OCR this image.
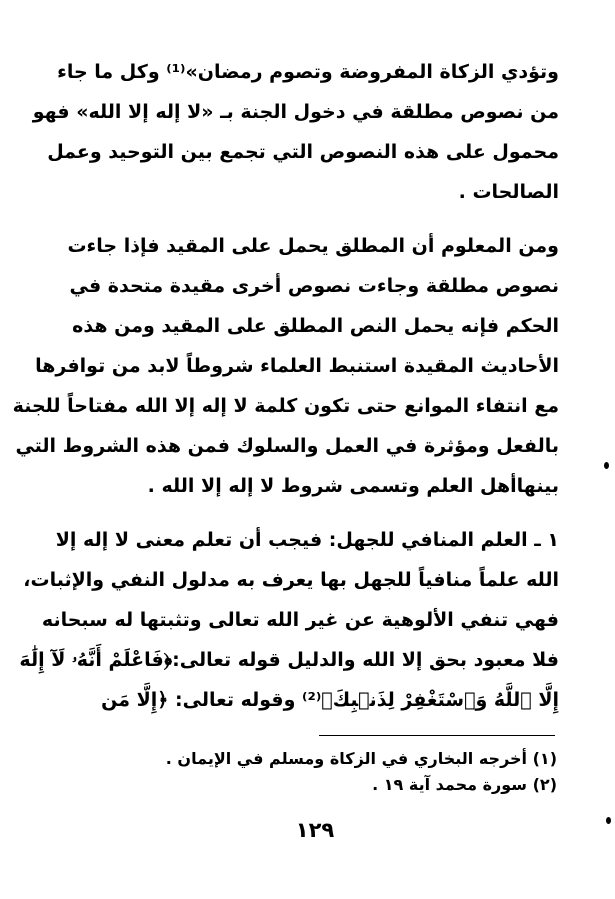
وتؤدي الزكاة المفروضة وتصوم رمضان»⁽¹⁾ وكل ما جاء
من نصوص مطلقة في دخول الجنة بـ «لا إله إلا الله» فهو
محمول على هذه النصوص التي تجمع بين التوحيد وعمل
الصالحات .
ومن المعلوم أن المطلق يحمل على المقيد فإذا جاءت
نصوص مطلقة وجاءت نصوص أخرى مقيدة متحدة في
الحكم فإنه يحمل النص المطلق على المقيد ومن هذه
الأحاديث المقيدة استنبط العلماء شروطاً لابد من توافرها
مع انتفاء الموانع حتى تكون كلمة لا إله إلا الله مفتاحاً للجنة
بالفعل ومؤثرة في العمل والسلوك فمن هذه الشروط التي
بينهاأهل العلم وتسمى شروط لا إله إلا الله .
١ ـ العلم المنافي للجهل: فيجب أن تعلم معنى لا إله إلا
الله علماً منافياً للجهل بها يعرف به مدلول النفي والإثبات،
فهي تنفي الألوهية عن غير الله تعالى وتثبتها له سبحانه
فلا معبود بحق إلا الله والدليل قوله تعالى:﴿فَاعْلَمْ أَنَّهُۥ لَآ إِلَٰهَ
إِلَّا ٱللَّهُ وَٱسْتَغْفِرْ لِذَنۢبِكَ﴾⁽²⁾ وقوله تعالى: ﴿إِلَّا مَن
(١) أخرجه البخاري في الزكاة ومسلم في الإيمان .
(٢) سورة محمد آية ١٩ .
١٢٩
